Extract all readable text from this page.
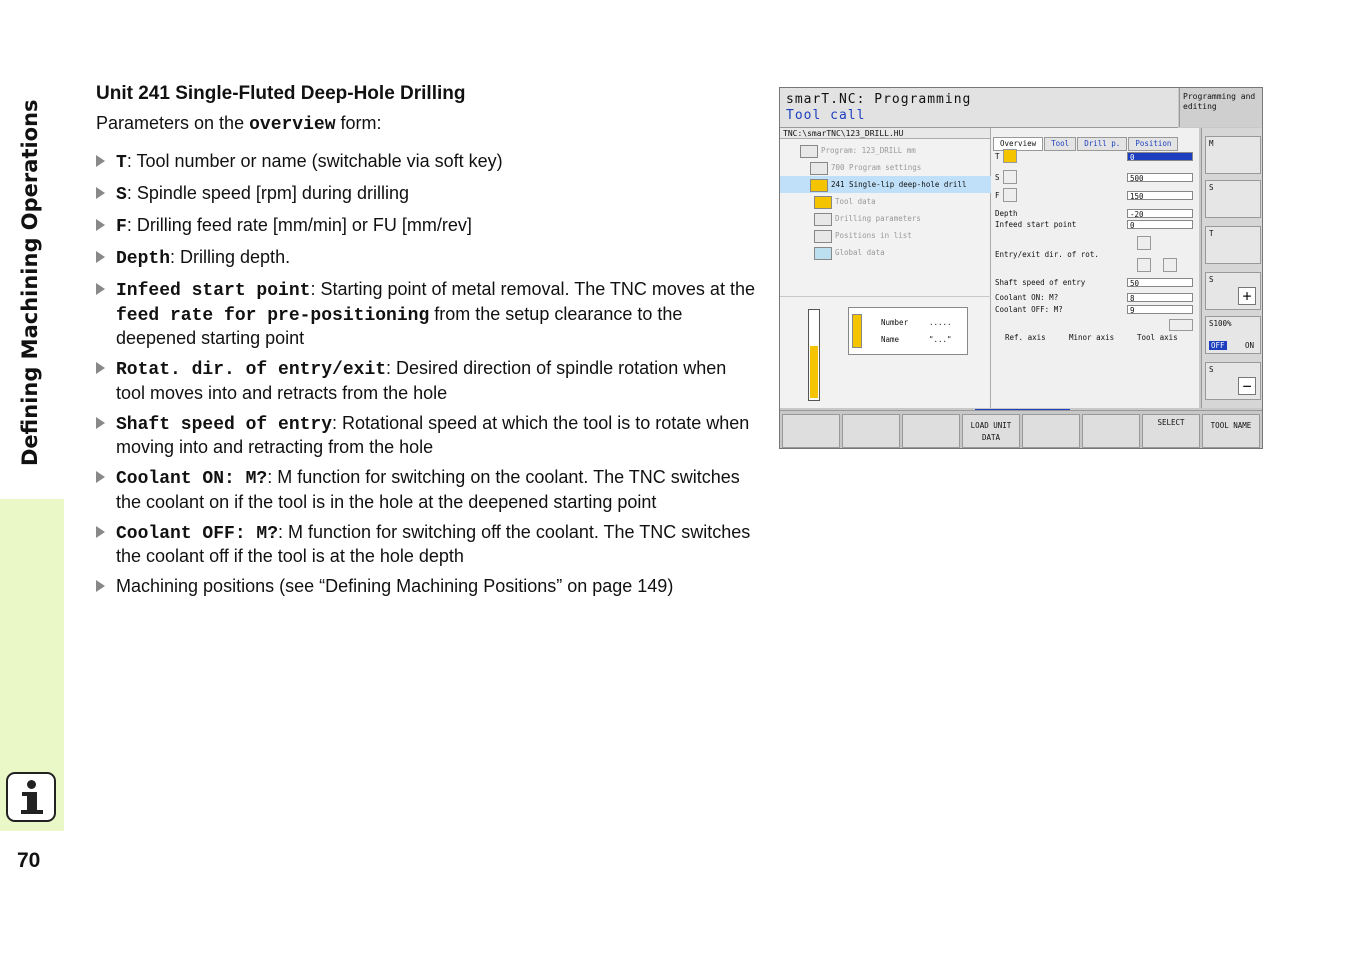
Defining Machining Operations
70
Unit 241 Single-Fluted Deep-Hole Drilling
Parameters on the overview form:
T: Tool number or name (switchable via soft key)
S: Spindle speed [rpm] during drilling
F: Drilling feed rate [mm/min] or FU [mm/rev]
Depth: Drilling depth.
Infeed start point: Starting point of metal removal. The TNC moves at the feed rate for pre-positioning from the setup clearance to the deepened starting point
Rotat. dir. of entry/exit: Desired direction of spindle rotation when tool moves into and retracts from the hole
Shaft speed of entry: Rotational speed at which the tool is to rotate when moving into and retracting from the hole
Coolant ON: M?: M function for switching on the coolant. The TNC switches the coolant on if the tool is in the hole at the deepened starting point
Coolant OFF: M?: M function for switching off the coolant. The TNC switches the coolant off if the tool is at the hole depth
Machining positions (see “Defining Machining Positions” on page 149)
smarT.NC: Programming
Tool call
Programming and editing
TNC:\smarTNC\123_DRILL.HU
Program: 123_DRILL mm
700 Program settings
241 Single-lip deep-hole drill
Tool data
Drilling parameters
Positions in list
Global data
Number	.....
Name	"..."
Overview Tool Drill p. Position
T	0
S	500
F	150
Depth	-20
Infeed start point	0
Entry/exit dir. of rot.
Shaft speed of entry	50
Coolant ON: M?	8
Coolant OFF: M?	9
Ref. axis	Minor axis	Tool axis
M
S
T
S
+
S100%
OFF	ON
S
−
LOAD UNIT DATA
SELECT	TOOL NAME
